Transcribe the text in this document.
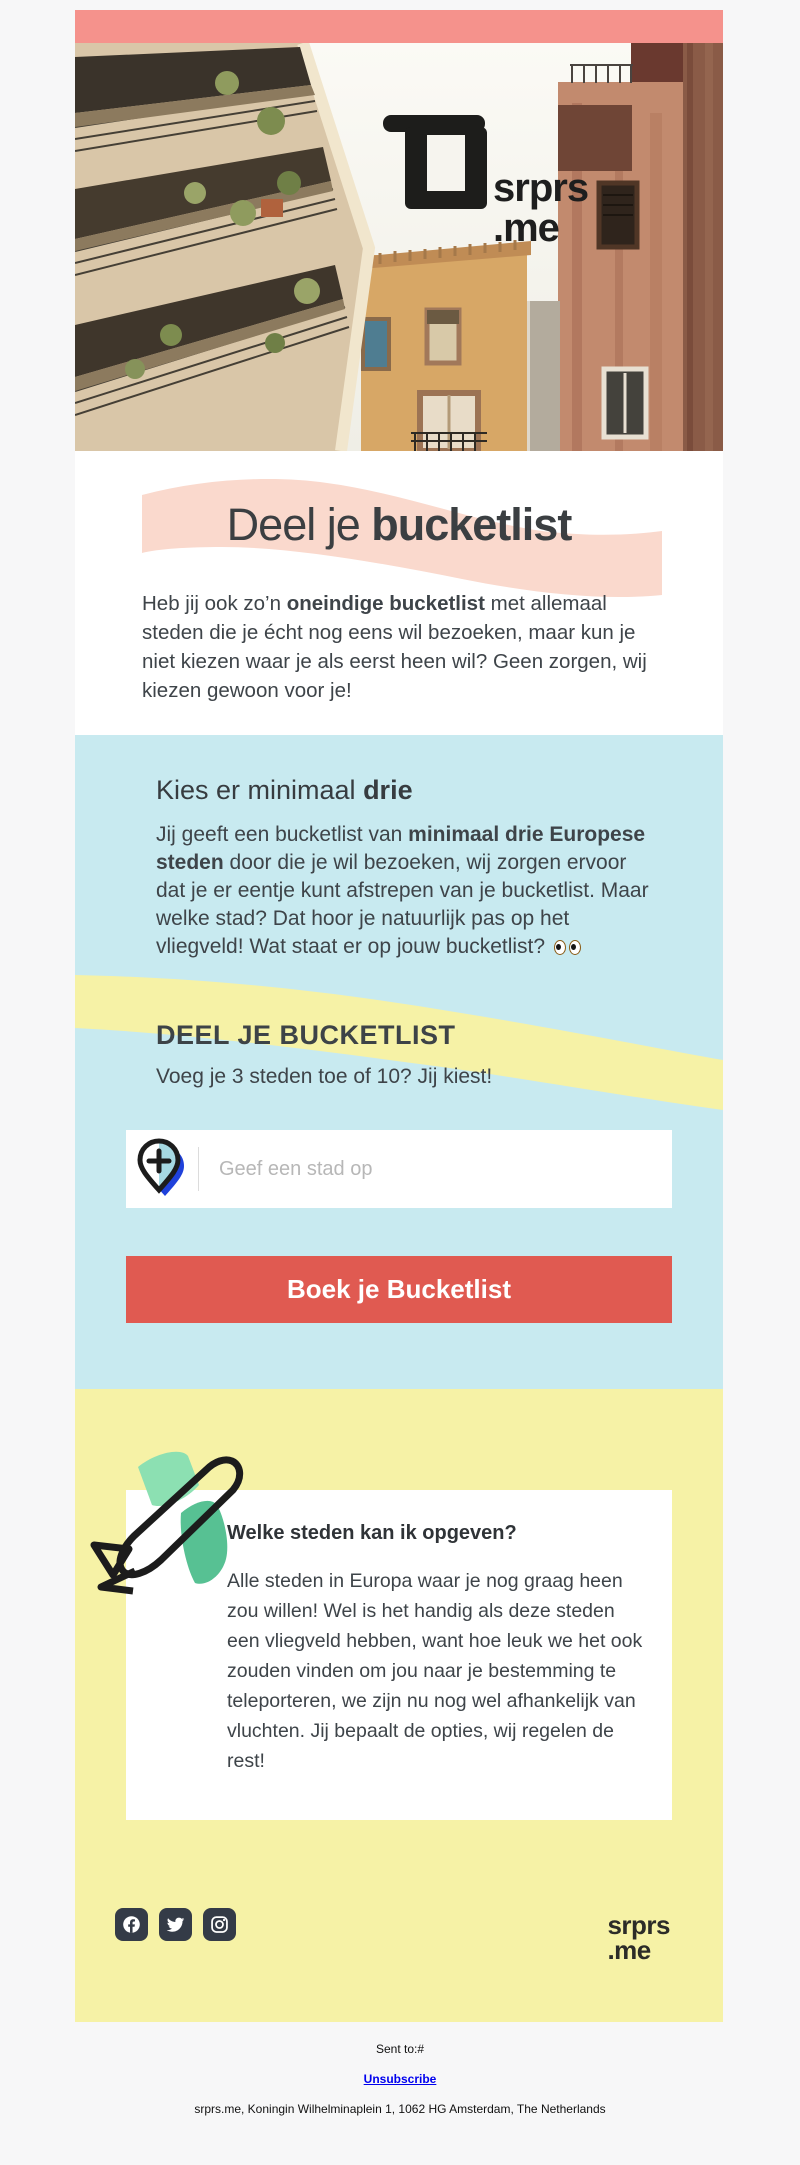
srprs
.me
Deel je bucketlist
Heb jij ook zo’n oneindige bucketlist met allemaal steden die je écht nog eens wil bezoeken, maar kun je niet kiezen waar je als eerst heen wil? Geen zorgen, wij kiezen gewoon voor je!
Kies er minimaal drie
Jij geeft een bucketlist van minimaal drie Europese steden door die je wil bezoeken, wij zorgen ervoor dat je er eentje kunt afstrepen van je bucketlist. Maar welke stad? Dat hoor je natuurlijk pas op het vliegveld! Wat staat er op jouw bucketlist?
DEEL JE BUCKETLIST
Voeg je 3 steden toe of 10? Jij kiest!
Geef een stad op
Boek je Bucketlist
Welke steden kan ik opgeven?
Alle steden in Europa waar je nog graag heen zou willen! Wel is het handig als deze steden een vliegveld hebben, want hoe leuk we het ook zouden vinden om jou naar je bestemming te teleporteren, we zijn nu nog wel afhankelijk van vluchten. Jij bepaalt de opties, wij regelen de rest!
srprs
.me
Sent to:#
Unsubscribe
srprs.me, Koningin Wilhelminaplein 1, 1062 HG Amsterdam, The Netherlands
